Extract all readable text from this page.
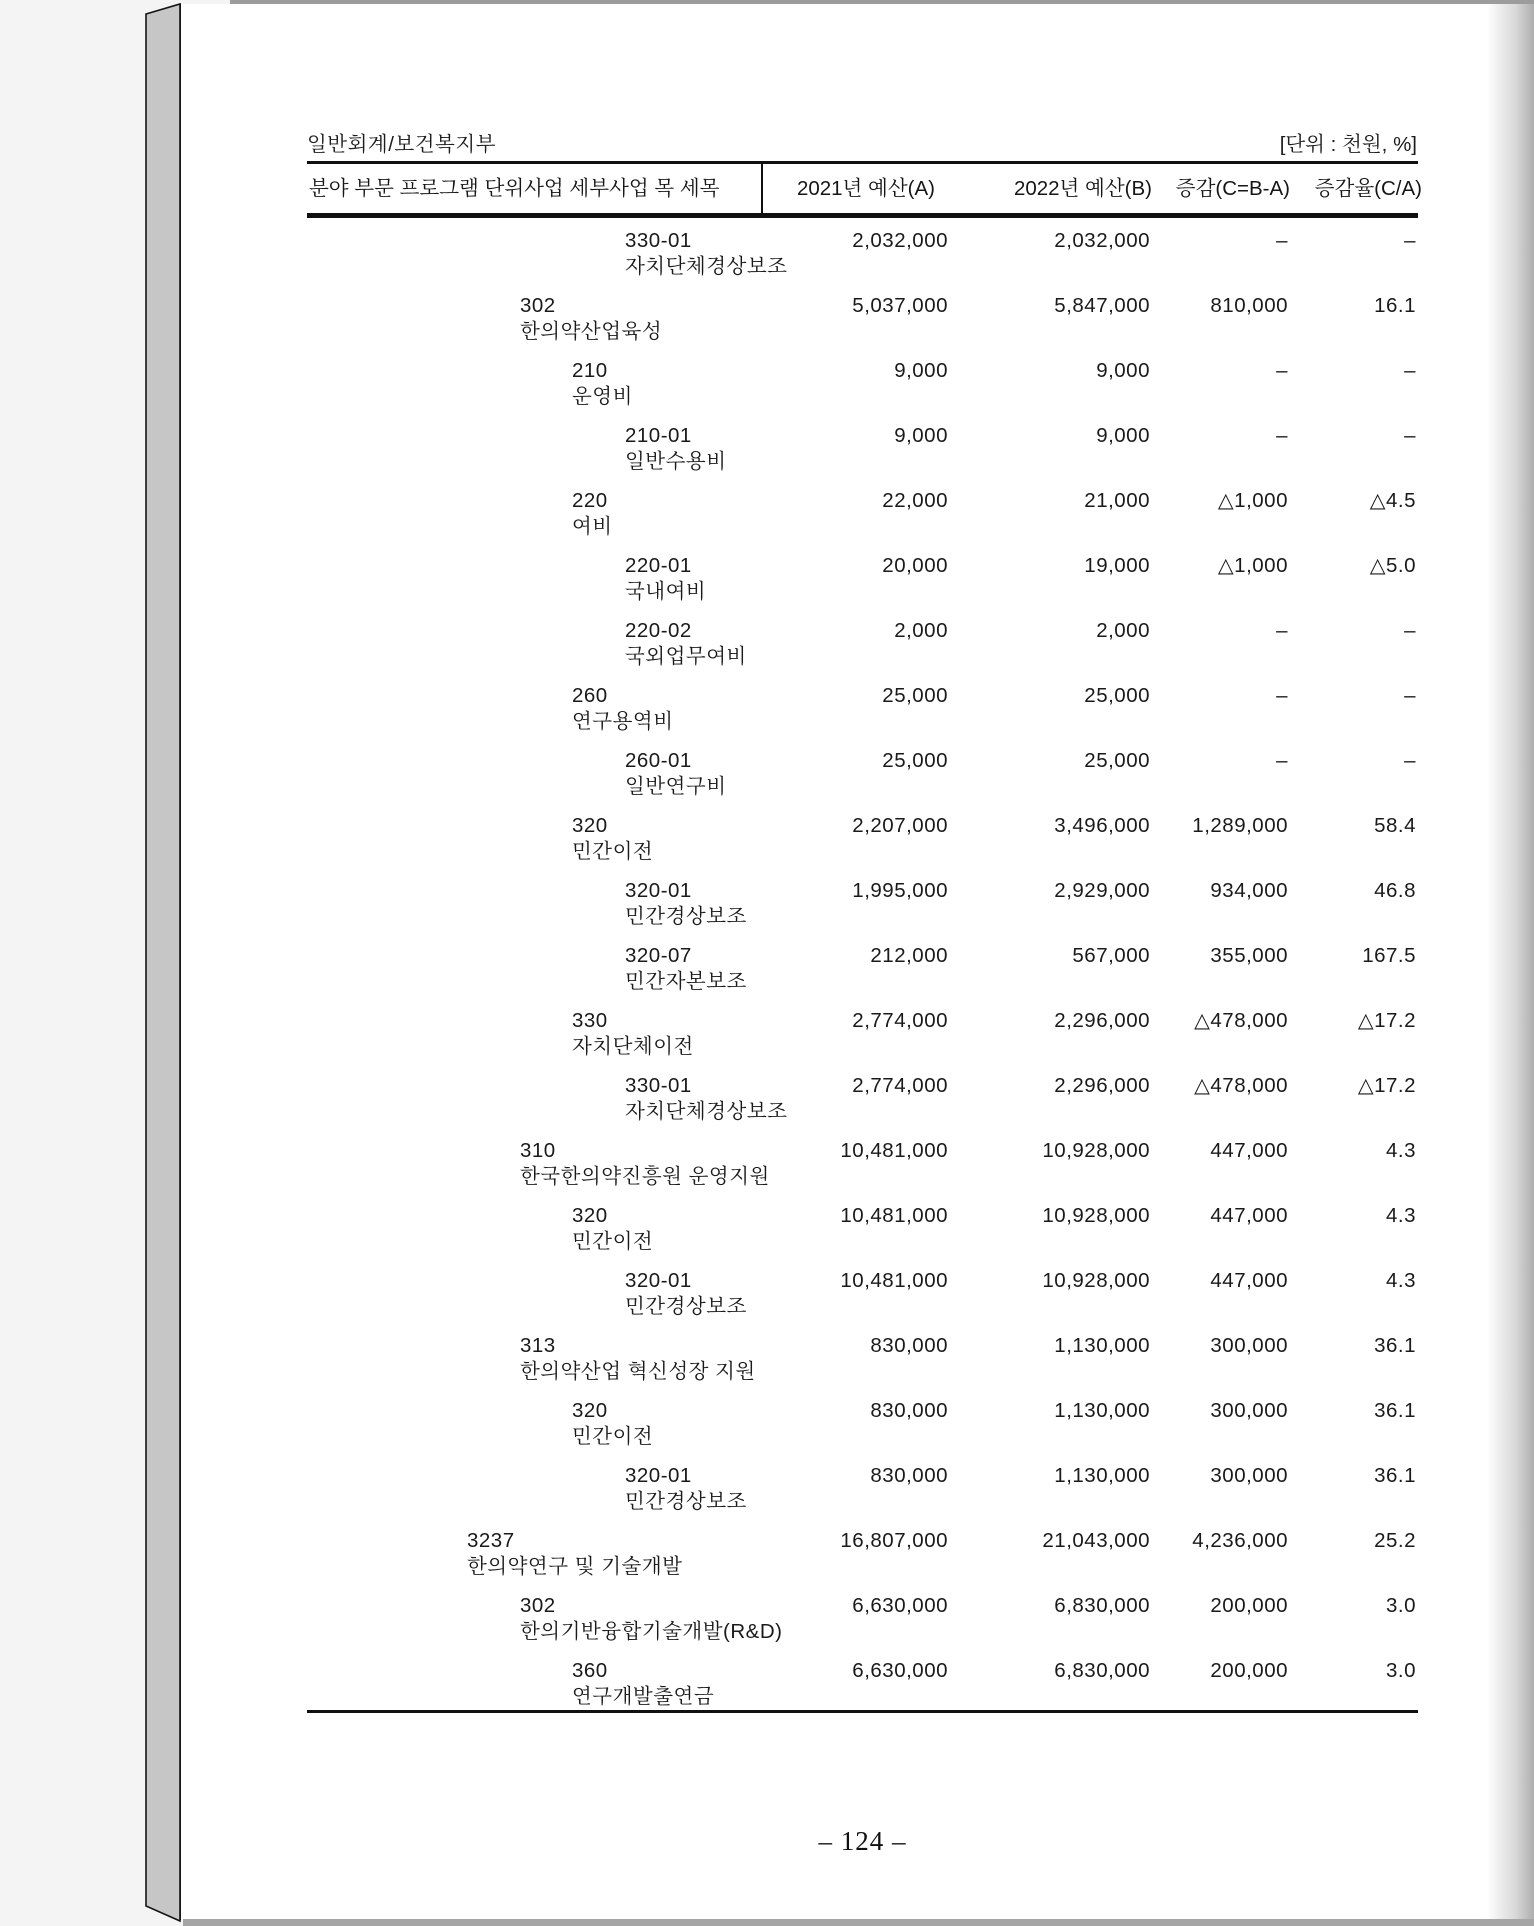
일반회계/보건복지부	[단위 : 천원, %]
분야 부문 프로그램 단위사업 세부사업 목 세목	2021년 예산(A)	2022년 예산(B) 증감(C=B-A) 증감율(C/A)
330-01
자치단체경상보조
2,032,000	2,032,000	–	–
302
한의약산업육성
5,037,000	5,847,000	810,000	16.1
210
운영비
9,000	9,000	–	–
210-01
일반수용비
9,000	9,000	–	–
220
여비
22,000	21,000	△1,000	△4.5
220-01
국내여비
20,000	19,000	△1,000	△5.0
220-02
국외업무여비
2,000	2,000	–	–
260
연구용역비
25,000	25,000	–	–
260-01
일반연구비
25,000	25,000	–	–
320
민간이전
2,207,000	3,496,000 1,289,000	58.4
320-01
민간경상보조
1,995,000	2,929,000	934,000	46.8
320-07
민간자본보조
212,000	567,000	355,000	167.5
330
자치단체이전
2,774,000	2,296,000 △478,000	△17.2
330-01
자치단체경상보조
2,774,000	2,296,000 △478,000	△17.2
310
한국한의약진흥원 운영지원
10,481,000	10,928,000	447,000	4.3
320
민간이전
10,481,000	10,928,000	447,000	4.3
320-01
민간경상보조
10,481,000	10,928,000	447,000	4.3
313
한의약산업 혁신성장 지원
830,000	1,130,000	300,000	36.1
320
민간이전
830,000	1,130,000	300,000	36.1
320-01
민간경상보조
830,000	1,130,000	300,000	36.1
3237
한의약연구 및 기술개발
16,807,000	21,043,000 4,236,000	25.2
302
한의기반융합기술개발(R&D)
6,630,000	6,830,000	200,000	3.0
360
연구개발출연금
6,630,000	6,830,000	200,000	3.0
– 124 –
